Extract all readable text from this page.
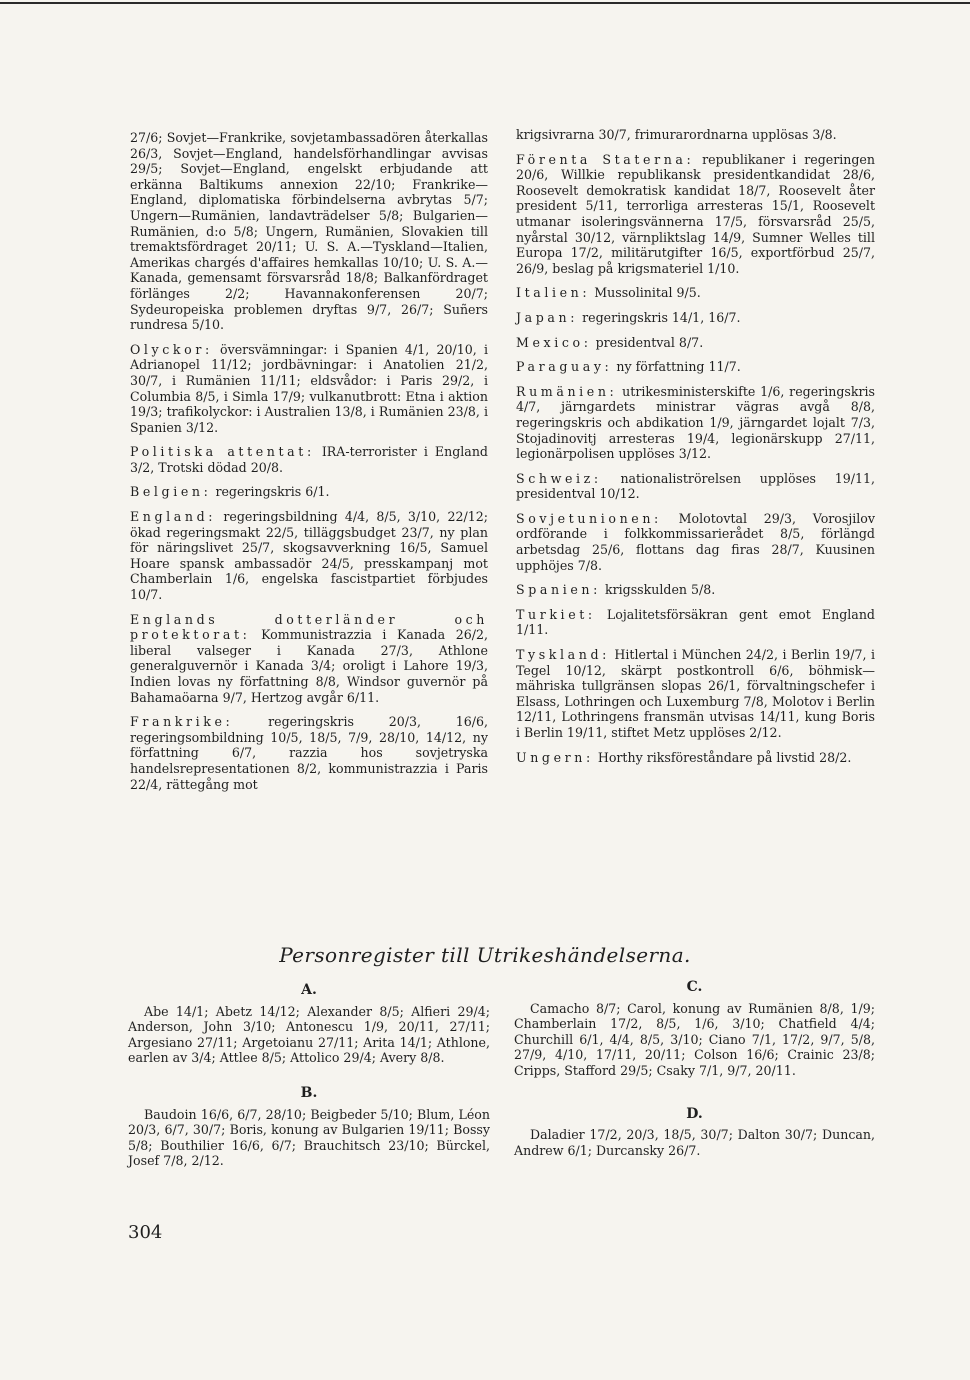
27/6; Sovjet—Frankrike, sovjetambassadören återkallas 26/3, Sovjet—England, handelsförhandlingar avvisas 29/5; Sovjet—England, engelskt erbjudande att erkänna Baltikums annexion 22/10; Frankrike—England, diplomatiska förbindelserna avbrytas 5/7; Ungern—Rumänien, landavträdelser 5/8; Bulgarien—Rumänien, d:o 5/8; Ungern, Rumänien, Slovakien till tremaktsfördraget 20/11; U. S. A.—Tyskland—Italien, Amerikas chargés d'affaires hemkallas 10/10; U. S. A.—Kanada, gemensamt försvarsråd 18/8; Balkanfördraget förlänges 2/2; Havannakonferensen 20/7; Sydeuropeiska problemen dryftas 9/7, 26/7; Suñers rundresa 5/10.

Olyckor: översvämningar: i Spanien 4/1, 20/10, i Adrianopel 11/12; jordbävningar: i Anatolien 21/2, 30/7, i Rumänien 11/11; eldsvådor: i Paris 29/2, i Columbia 8/5, i Simla 17/9; vulkanutbrott: Etna i aktion 19/3; trafikolyckor: i Australien 13/8, i Rumänien 23/8, i Spanien 3/12.

Politiska attentat: IRA-terrorister i England 3/2, Trotski dödad 20/8.

Belgien: regeringskris 6/1.

England: regeringsbildning 4/4, 8/5, 3/10, 22/12; ökad regeringsmakt 22/5, tilläggsbudget 23/7, ny plan för näringslivet 25/7, skogsavverkning 16/5, Samuel Hoare spansk ambassadör 24/5, presskampanj mot Chamberlain 1/6, engelska fascistpartiet förbjudes 10/7.

Englands dotterländer och protektorat: Kommunistrazzia i Kanada 26/2, liberal valseger i Kanada 27/3, Athlone generalguvernör i Kanada 3/4; oroligt i Lahore 19/3, Indien lovas ny författning 8/8, Windsor guvernör på Bahamaöarna 9/7, Hertzog avgår 6/11.

Frankrike: regeringskris 20/3, 16/6, regeringsombildning 10/5, 18/5, 7/9, 28/10, 14/12, ny författning 6/7, razzia hos sovjetryska handelsrepresentationen 8/2, kommunistrazzia i Paris 22/4, rättegång mot

krigsivrarna 30/7, frimurarordnarna upplösas 3/8.

Förenta Staterna: republikaner i regeringen 20/6, Willkie republikansk presidentkandidat 28/6, Roosevelt demokratisk kandidat 18/7, Roosevelt åter president 5/11, terrorliga arresteras 15/1, Roosevelt utmanar isoleringsvännerna 17/5, försvarsråd 25/5, nyårstal 30/12, värnpliktslag 14/9, Sumner Welles till Europa 17/2, militärutgifter 16/5, exportförbud 25/7, 26/9, beslag på krigsmateriel 1/10.

Italien: Mussolinital 9/5.

Japan: regeringskris 14/1, 16/7.

Mexico: presidentval 8/7.

Paraguay: ny författning 11/7.

Rumänien: utrikesministerskifte 1/6, regeringskris 4/7, järngardets ministrar vägras avgå 8/8, regeringskris och abdikation 1/9, järngardet lojalt 7/3, Stojadinovitj arresteras 19/4, legionärskupp 27/11, legionärpolisen upplöses 3/12.

Schweiz: nationaliströrelsen upplöses 19/11, presidentval 10/12.

Sovjetunionen: Molotovtal 29/3, Vorosjilov ordförande i folkkommissarierådet 8/5, förlängd arbetsdag 25/6, flottans dag firas 28/7, Kuusinen upphöjes 7/8.

Spanien: krigsskulden 5/8.

Turkiet: Lojalitetsförsäkran gent emot England 1/11.

Tyskland: Hitlertal i München 24/2, i Berlin 19/7, i Tegel 10/12, skärpt postkontroll 6/6, böhmisk—mähriska tullgränsen slopas 26/1, förvaltningschefer i Elsass, Lothringen och Luxemburg 7/8, Molotov i Berlin 12/11, Lothringens fransmän utvisas 14/11, kung Boris i Berlin 19/11, stiftet Metz upplöses 2/12.

Ungern: Horthy riksföreståndare på livstid 28/2.

Personregister till Utrikeshändelserna.
A.

Abe 14/1; Abetz 14/12; Alexander 8/5; Alfieri 29/4; Anderson, John 3/10; Antonescu 1/9, 20/11, 27/11; Argesiano 27/11; Argetoianu 27/11; Arita 14/1; Athlone, earlen av 3/4; Attlee 8/5; Attolico 29/4; Avery 8/8.

B.

Baudoin 16/6, 6/7, 28/10; Beigbeder 5/10; Blum, Léon 20/3, 6/7, 30/7; Boris, konung av Bulgarien 19/11; Bossy 5/8; Bouthilier 16/6, 6/7; Brauchitsch 23/10; Bürckel, Josef 7/8, 2/12.

C.

Camacho 8/7; Carol, konung av Rumänien 8/8, 1/9; Chamberlain 17/2, 8/5, 1/6, 3/10; Chatfield 4/4; Churchill 6/1, 4/4, 8/5, 3/10; Ciano 7/1, 17/2, 9/7, 5/8, 27/9, 4/10, 17/11, 20/11; Colson 16/6; Crainic 23/8; Cripps, Stafford 29/5; Csaky 7/1, 9/7, 20/11.

D.

Daladier 17/2, 20/3, 18/5, 30/7; Dalton 30/7; Duncan, Andrew 6/1; Durcansky 26/7.

304
